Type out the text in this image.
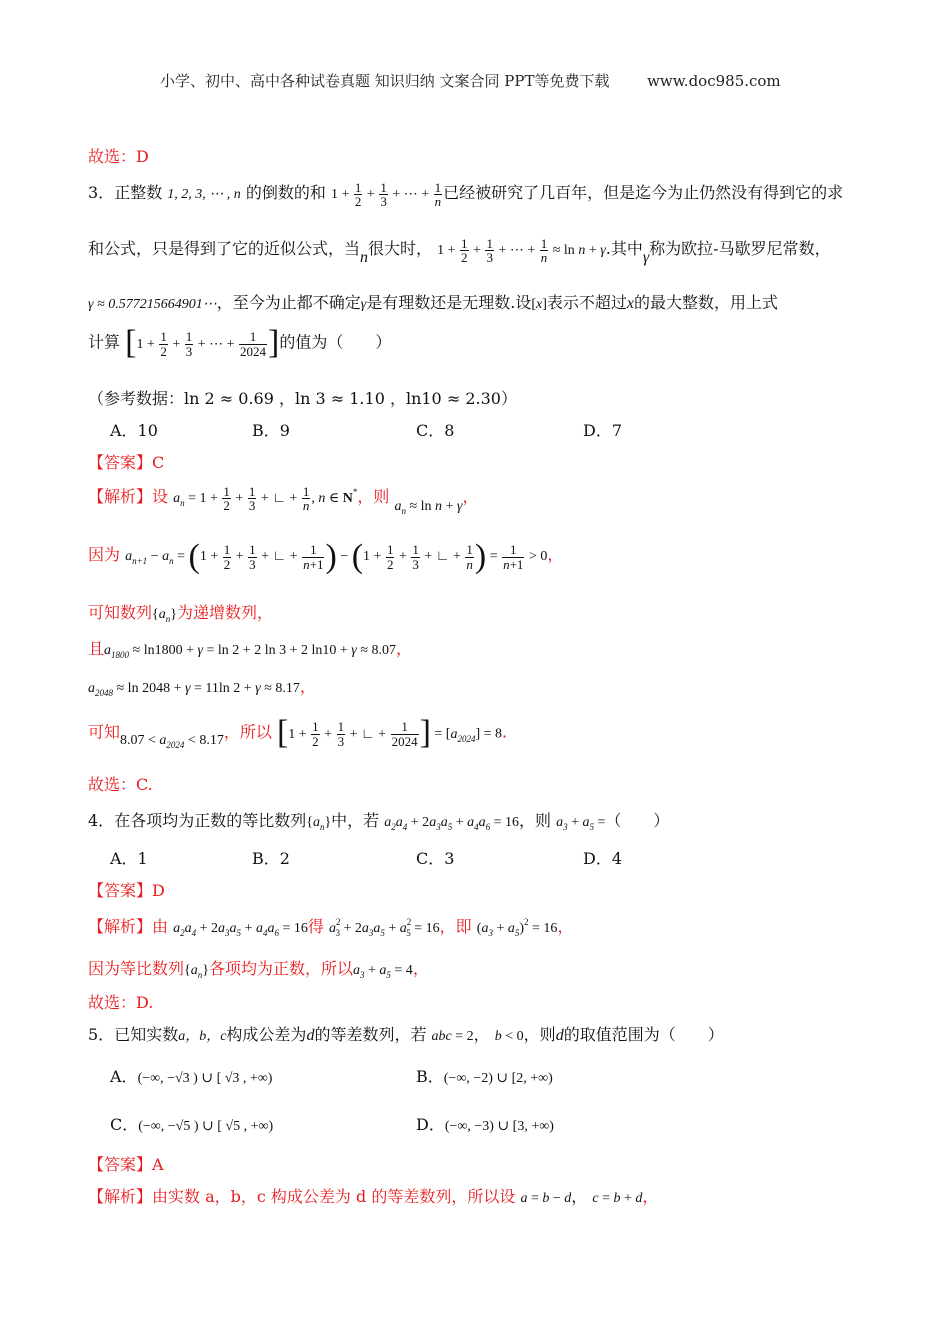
小学、初中、高中各种试卷真题 知识归纳 文案合同 PPT等免费下载	www.doc985.com
故选：D
3．正整数 1, 2, 3, ⋯ , n 的倒数的和 $1 + \frac{1}{2} + \frac{1}{3}$ + ⋯ + $\frac{1}{n}$ 已经被研究了几百年，但是迄今为止仍然没有得到它的求
和公式，只是得到了它的近似公式，当n很大时， $1 + \frac{1}{2} + \frac{1}{3}$ + ⋯ + $\frac{1}{n} \approx \ln n + \gamma$.其中γ称为欧拉-马歇罗尼常数，
γ ≈ 0.577215664901⋯，至今为止都不确定γ是有理数还是无理数.设[x]表示不超过x的最大整数，用上式
计算 [$1 + \frac{1}{2} + \frac{1}{3}$ + ⋯ + $\frac{1}{2024}$ ]的值为（　　）
（参考数据：ln 2 ≈ 0.69 ，ln 3 ≈ 1.10 ，ln10 ≈ 2.30）
A．10	B．9	C．8	D．7
【答案】C
【解析】设 $a_n = 1 + \frac{1}{2} + \frac{1}{3}$ + ∟ + $\frac{1}{n}$ , n ∈ N*，则 $a_n \approx \ln n + \gamma$，
因为 $a_{n+1} - a_n = (1 + \frac{1}{2} + \frac{1}{3}$ + ∟ + $\frac{1}{n+1}$ ) − ($1 + \frac{1}{2} + \frac{1}{3}$ + ∟ + $\frac{1}{n}$ ) = $\frac{1}{n+1} > 0$，
可知数列$\{a_n\}$为递增数列，
且$a_{1800} \approx \ln 1800 + \gamma = \ln 2 + 2$ ln 3 + 2 ln10 + γ ≈ 8.07，
$a_{2048} \approx \ln 2048 + \gamma = 11\ln$ 2 + γ ≈ 8.17，
可知$8.07 < a_{2024} < 8.17$，所以 [$1 + \frac{1}{2} + \frac{1}{3}$ + ∟ + $\frac{1}{2024}$ ] = $[a_{2024}] = 8$.
故选：C.
4．在各项均为正数的等比数列$\{a_n\}$中，若 $a_2a_4 + 2a_3a_5 + a_4a_6 = 16$，则 $a_3 + a_5$ =（　　）
A．1	B．2	C．3	D．4
【答案】D
【解析】由 $a_2a_4 + 2a_3a_5 + a_4a_6 = 16$得 $a^2_3 + 2a_3a_5 + a^2_5 = 16$，即 $(a_3 + a_5)^2 = 16$，
因为等比数列$\{a_n\}$各项均为正数，所以$a_3 + a_5 = 4$，
故选：D.
5．已知实数a，b，c构成公差为d的等差数列，若 abc = 2， b < 0，则d的取值范围为（　　）
A．(−∞, −√3 ) ∪ [ √3 , +∞)	B．(−∞, −2) ∪ [2, +∞)
C．(−∞, −√5 ) ∪ [ √5 , +∞)	D．(−∞, −3) ∪ [3, +∞)
【答案】A
【解析】由实数 a，b，c 构成公差为 d 的等差数列，所以设 a = b − d， c = b + d，
